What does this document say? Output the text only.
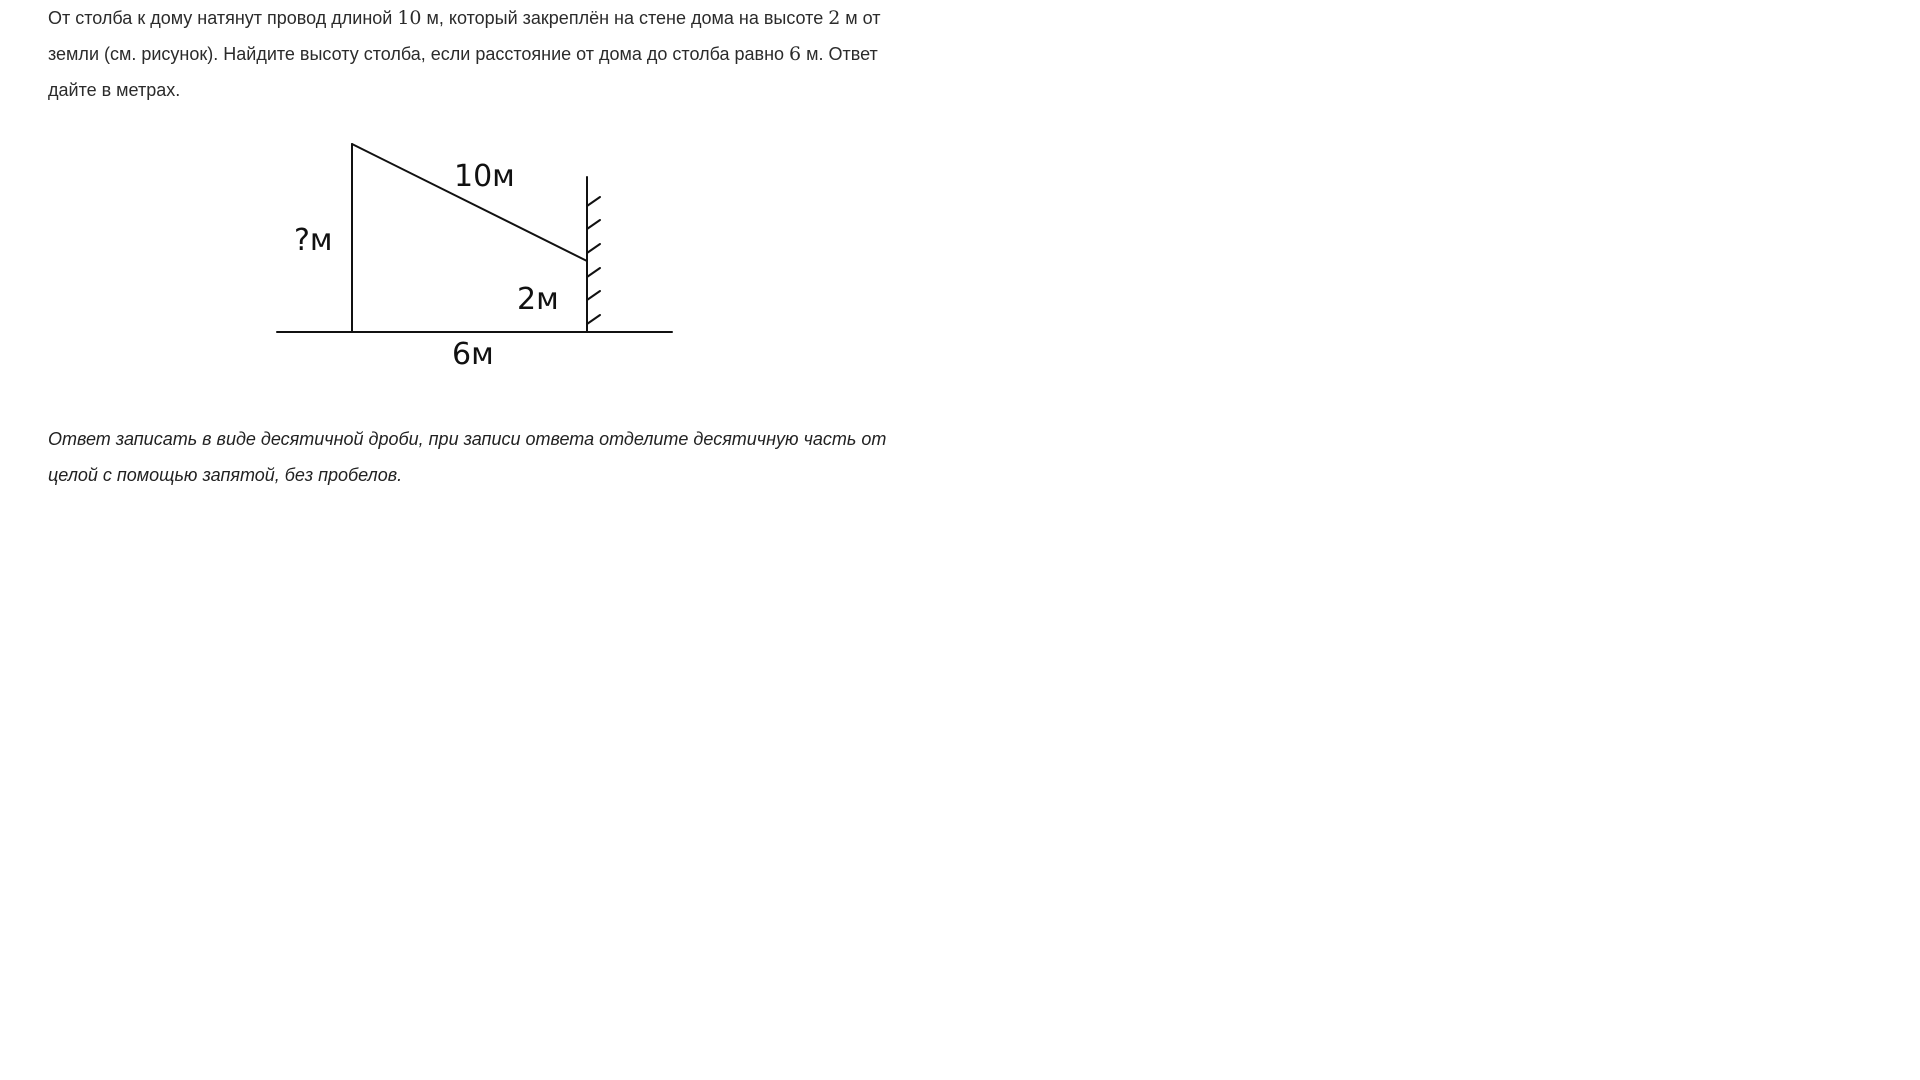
От столба к дому натянут провод длиной 10 м, который закреплён на стене дома на высоте 2 м от земли (см. рисунок). Найдите высоту столба, если расстояние от дома до столба равно 6 м. Ответ дайте в метрах.
10м
?м
2м
6м
Ответ записать в виде десятичной дроби, при записи ответа отделите десятичную часть от целой с помощью запятой, без пробелов.
